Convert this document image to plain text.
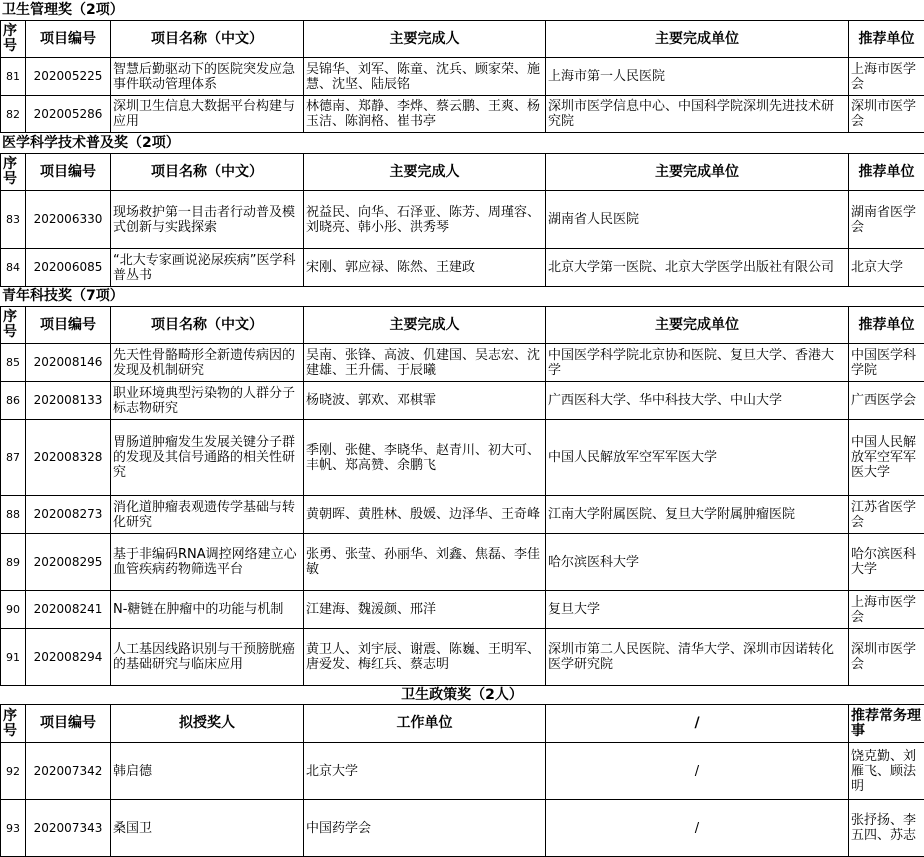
卫生管理奖（2项）
序号	项目编号	项目名称（中文）	主要完成人	主要完成单位	推荐单位
81	202005225	智慧后勤驱动下的医院突发应急事件联动管理体系	吴锦华、刘军、陈童、沈兵、顾家荣、施慧、沈坚、陆辰铭	上海市第一人民医院	上海市医学会
82	202005286	深圳卫生信息大数据平台构建与应用	林德南、郑静、李烨、蔡云鹏、王爽、杨玉洁、陈润格、崔书亭	深圳市医学信息中心、中国科学院深圳先进技术研究院	深圳市医学会
医学科学技术普及奖（2项）
序号	项目编号	项目名称（中文）	主要完成人	主要完成单位	推荐单位
83	202006330	现场救护第一目击者行动普及模式创新与实践探索	祝益民、向华、石泽亚、陈芳、周瑾容、刘晓亮、韩小彤、洪秀琴	湖南省人民医院	湖南省医学会
84	202006085	“北大专家画说泌尿疾病”医学科普丛书	宋刚、郭应禄、陈然、王建政	北京大学第一医院、北京大学医学出版社有限公司	北京大学
青年科技奖（7项）
序号	项目编号	项目名称（中文）	主要完成人	主要完成单位	推荐单位
85	202008146	先天性骨骼畸形全新遗传病因的发现及机制研究	吴南、张锋、高波、仉建国、吴志宏、沈建雄、王升儒、于辰曦	中国医学科学院北京协和医院、复旦大学、香港大学	中国医学科学院
86	202008133	职业环境典型污染物的人群分子标志物研究	杨晓波、郭欢、邓棋霏	广西医科大学、华中科技大学、中山大学	广西医学会
87	202008328	胃肠道肿瘤发生发展关键分子群的发现及其信号通路的相关性研究	季刚、张健、李晓华、赵青川、初大可、丰帆、郑高赞、余鹏飞	中国人民解放军空军军医大学	中国人民解放军空军军医大学
88	202008273	消化道肿瘤表观遗传学基础与转化研究	黄朝晖、黄胜林、殷媛、边泽华、王奇峰	江南大学附属医院、复旦大学附属肿瘤医院	江苏省医学会
89	202008295	基于非编码RNA调控网络建立心血管疾病药物筛选平台	张勇、张莹、孙丽华、刘鑫、焦磊、李佳敏	哈尔滨医科大学	哈尔滨医科大学
90	202008241	N-糖链在肿瘤中的功能与机制	江建海、魏湲颜、邢洋	复旦大学	上海市医学会
91	202008294	人工基因线路识别与干预膀胱癌的基础研究与临床应用	黄卫人、刘宇辰、谢震、陈巍、王明军、唐爱发、梅红兵、蔡志明	深圳市第二人民医院、清华大学、深圳市因诺转化医学研究院	深圳市医学会
卫生政策奖（2人）
序号	项目编号	拟授奖人	工作单位	/	推荐常务理事
92	202007342	韩启德	北京大学	/	饶克勤、刘雁飞、顾法明
93	202007343	桑国卫	中国药学会	/	张抒扬、李五四、苏志
